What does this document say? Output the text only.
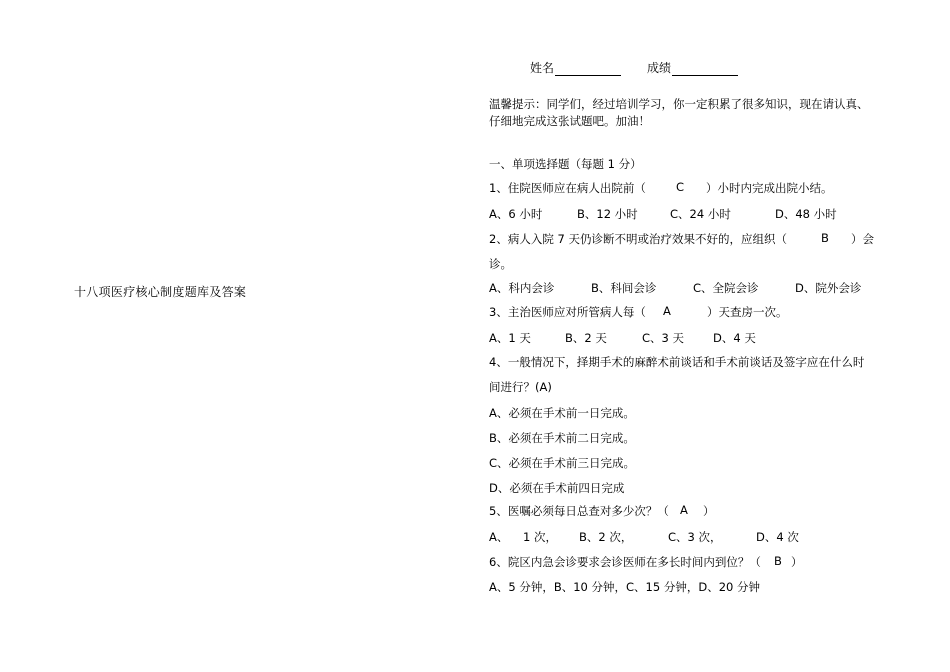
十八项医疗核心制度题库及答案
姓名	成绩
温馨提示：同学们，经过培训学习，你一定积累了很多知识，现在请认真、
仔细地完成这张试题吧。加油！
一、单项选择题（每题 1 分）
1、住院医师应在病人出院前（	C ）小时内完成出院小结。
A、6 小时	B、12 小时	C、24 小时	D、48 小时
2、病人入院 7 天仍诊断不明或治疗效果不好的，应组织（	B ）会
诊。
A、科内会诊	B、科间会诊	C、全院会诊	D、院外会诊
3、主治医师应对所管病人每（ A	）天查房一次。
A、1 天	B、2 天	C、3 天	D、4 天
4、一般情况下，择期手术的麻醉术前谈话和手术前谈话及签字应在什么时
间进行？(A)
A、必须在手术前一日完成。
B、必须在手术前二日完成。
C、必须在手术前三日完成。
D、必须在手术前四日完成
5、医嘱必须每日总查对多少次？（ A ）
A、 1 次， B、2 次，	C、3 次，	D、4 次
6、院区内急会诊要求会诊医师在多长时间内到位？（ B ）
A、5 分钟，B、10 分钟，C、15 分钟，D、20 分钟
